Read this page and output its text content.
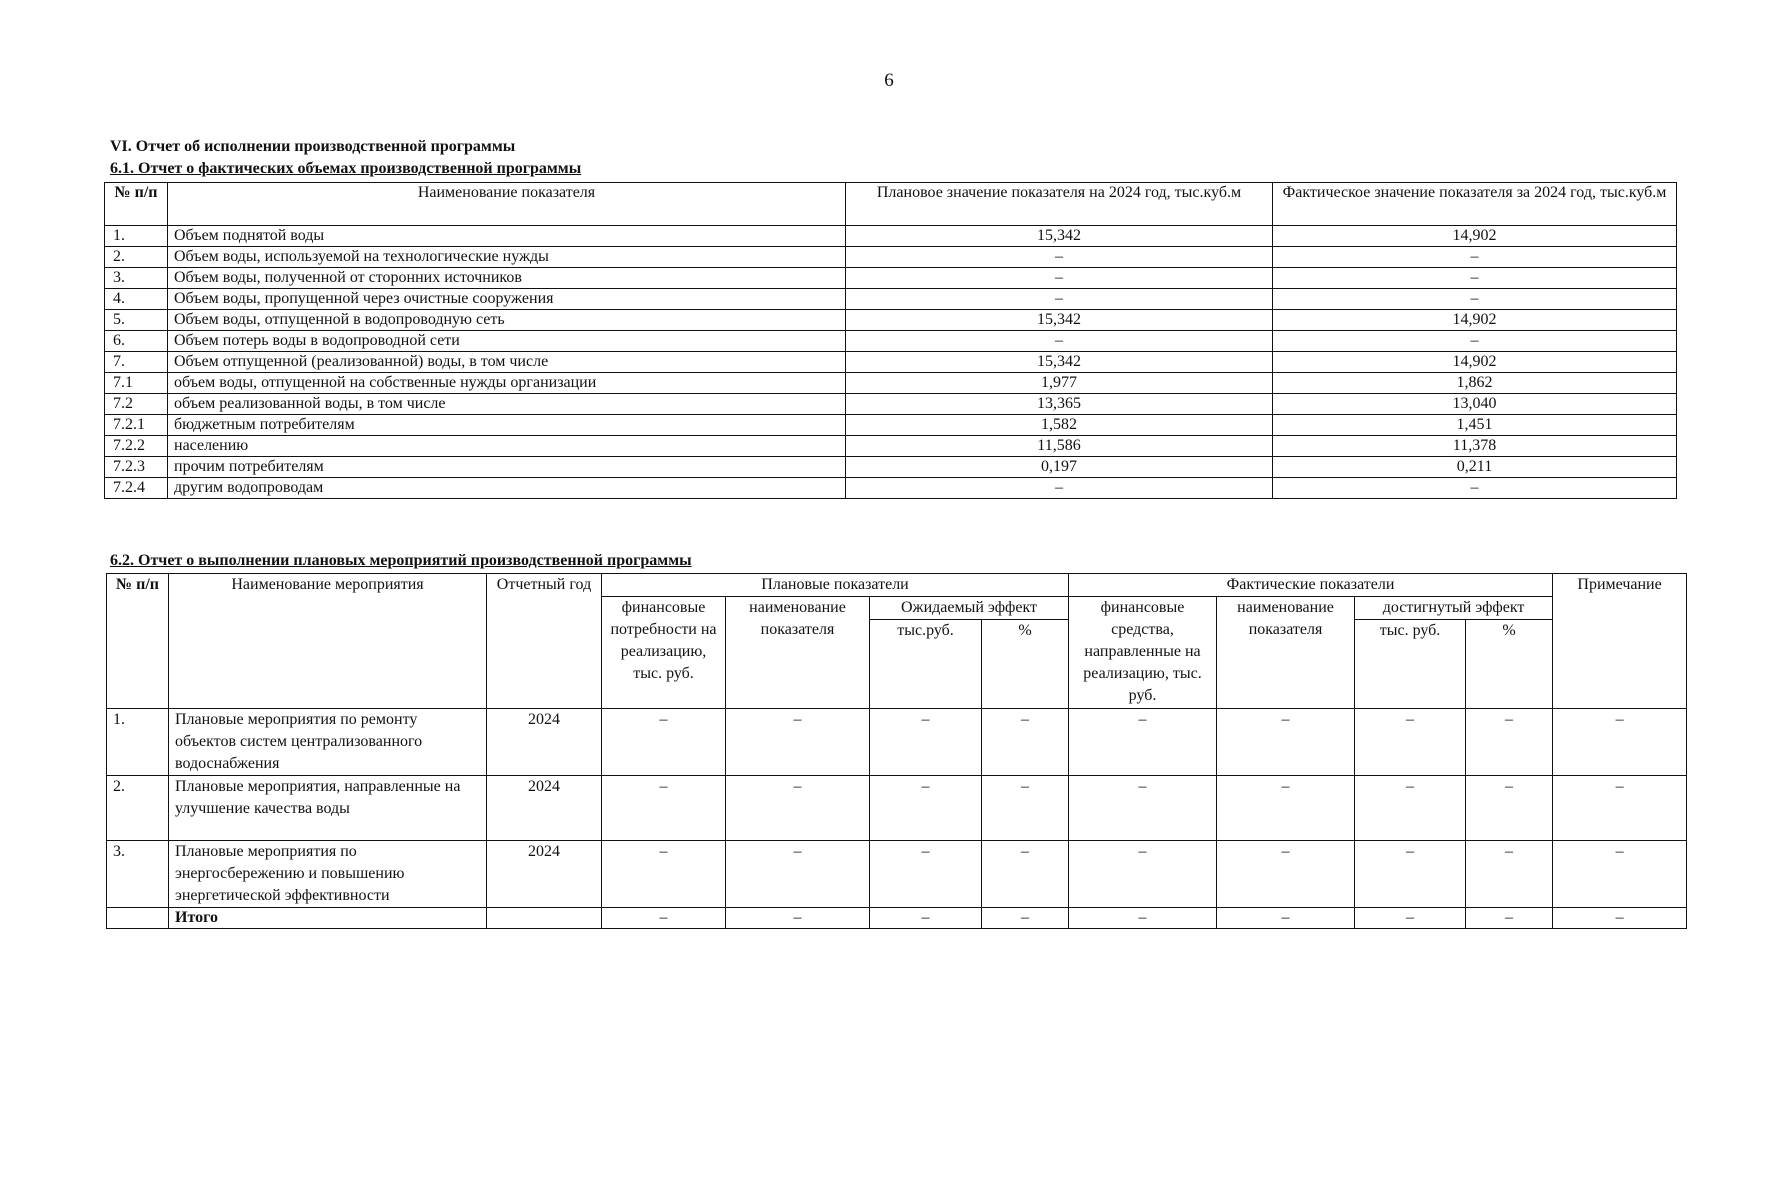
6
VI. Отчет об исполнении производственной программы
6.1. Отчет о фактических объемах производственной программы
№ п/п	Наименование показателя	Плановое значение показателя на 2024 год, тыс.куб.м	Фактическое значение показателя за 2024 год, тыс.куб.м
1.	Объем поднятой воды	15,342	14,902
2.	Объем воды, используемой на технологические нужды	–	–
3.	Объем воды, полученной от сторонних источников	–	–
4.	Объем воды, пропущенной через очистные сооружения	–	–
5.	Объем воды, отпущенной в водопроводную сеть	15,342	14,902
6.	Объем потерь воды в водопроводной сети	–	–
7.	Объем отпущенной (реализованной) воды, в том числе	15,342	14,902
7.1	объем воды, отпущенной на собственные нужды организации	1,977	1,862
7.2	объем реализованной воды, в том числе	13,365	13,040
7.2.1	бюджетным потребителям	1,582	1,451
7.2.2	населению	11,586	11,378
7.2.3	прочим потребителям	0,197	0,211
7.2.4	другим водопроводам	–	–
6.2. Отчет о выполнении плановых мероприятий производственной программы
№ п/п	Наименование мероприятия	Отчетный год	Плановые показатели				Фактические показатели				Примечание
			финансовые потребности на реализацию, тыс. руб.	наименование показателя	Ожидаемый эффект		финансовые средства, направленные на реализацию, тыс. руб.	наименование показателя	достигнутый эффект		
					тыс.руб.	%			тыс. руб.	%	
1.	Плановые мероприятия по ремонту объектов систем централизованного водоснабжения	2024	–	–	–	–	–	–	–	–	–
2.	Плановые мероприятия, направленные на улучшение качества воды	2024	–	–	–	–	–	–	–	–	–
3.	Плановые мероприятия по энергосбережению и повышению энергетической эффективности	2024	–	–	–	–	–	–	–	–	–
	Итого		–	–	–	–	–	–	–	–	–
